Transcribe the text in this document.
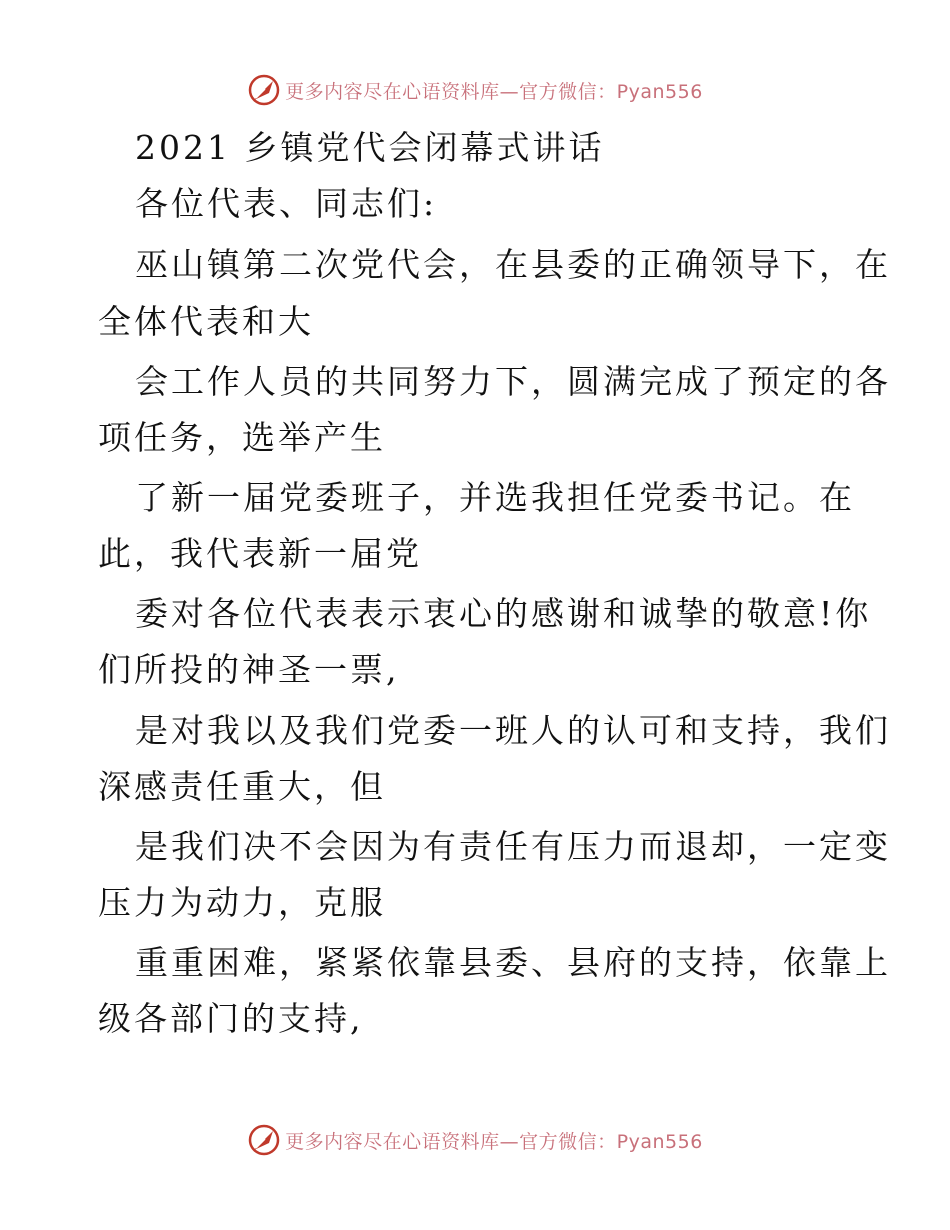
更多内容尽在心语资料库—官方微信：Pyan556
2021 乡镇党代会闭幕式讲话
各位代表、同志们:
巫山镇第二次党代会，在县委的正确领导下，在
全体代表和大
会工作人员的共同努力下，圆满完成了预定的各
项任务，选举产生
了新一届党委班子，并选我担任党委书记。在
此，我代表新一届党
委对各位代表表示衷心的感谢和诚挚的敬意!你
们所投的神圣一票,
是对我以及我们党委一班人的认可和支持，我们
深感责任重大，但
是我们决不会因为有责任有压力而退却，一定变
压力为动力，克服
重重困难，紧紧依靠县委、县府的支持，依靠上
级各部门的支持,
更多内容尽在心语资料库—官方微信：Pyan556
